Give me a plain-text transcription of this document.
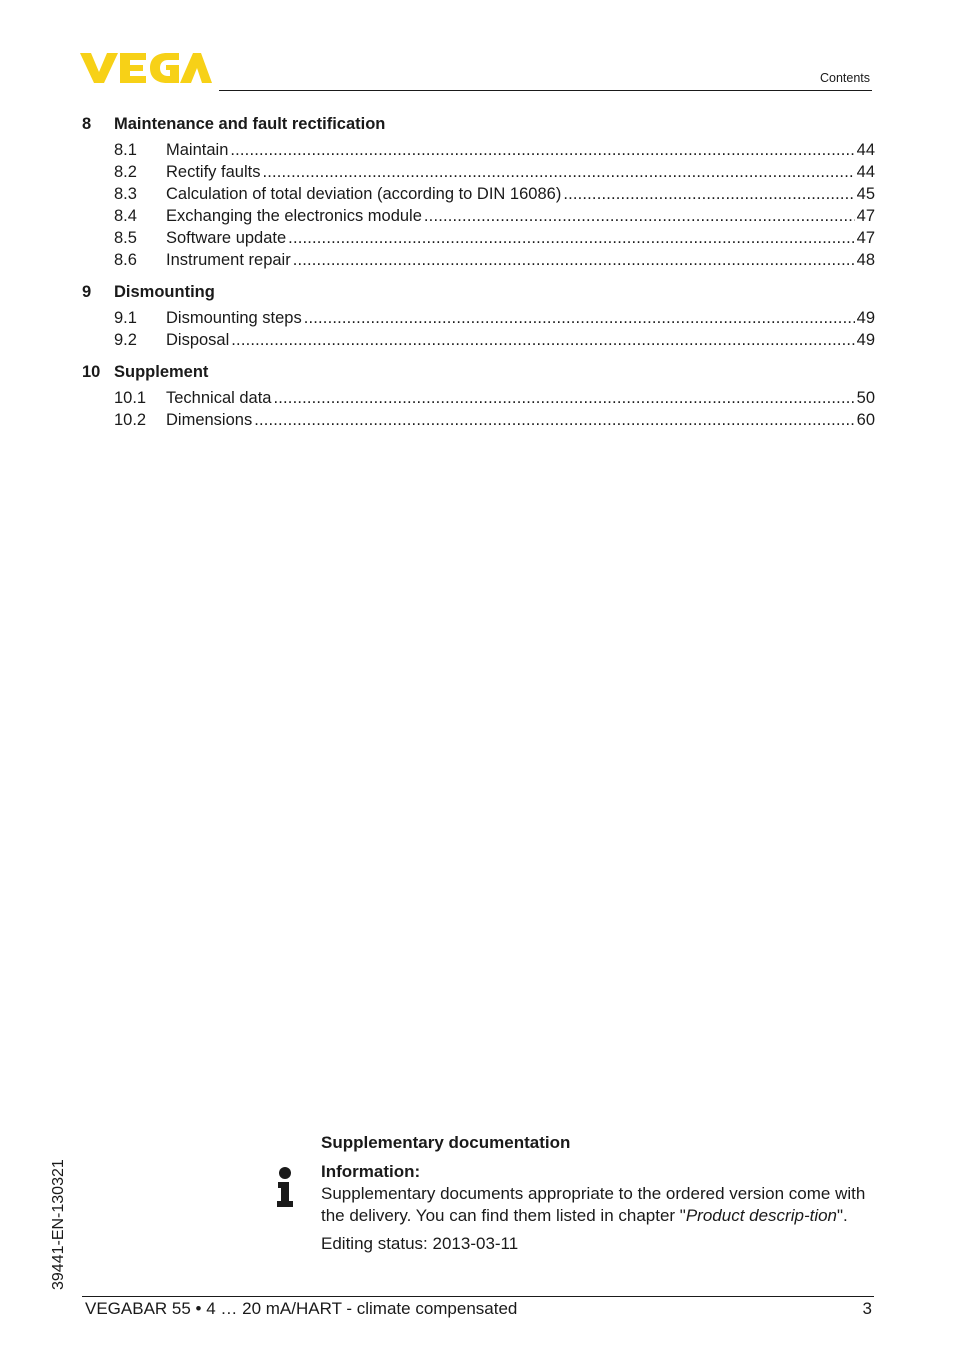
Contents
8	Maintenance and fault rectification
8.1	Maintain . . .	44
8.2	Rectify faults . . .	44
8.3	Calculation of total deviation (according to DIN 16086) . . .	45
8.4	Exchanging the electronics module . . .	47
8.5	Software update . . .	47
8.6	Instrument repair . . .	48
9	Dismounting
9.1	Dismounting steps . . .	49
9.2	Disposal . . .	49
10 Supplement
10.1	Technical data . . .	50
10.2	Dimensions . . .	60
Supplementary documentation
Information:
Supplementary documents appropriate to the ordered version come with the delivery. You can find them listed in chapter "Product descrip-tion".
Editing status: 2013-03-11
39441-EN-130321
VEGABAR 55 • 4 … 20 mA/HART - climate compensated	3
